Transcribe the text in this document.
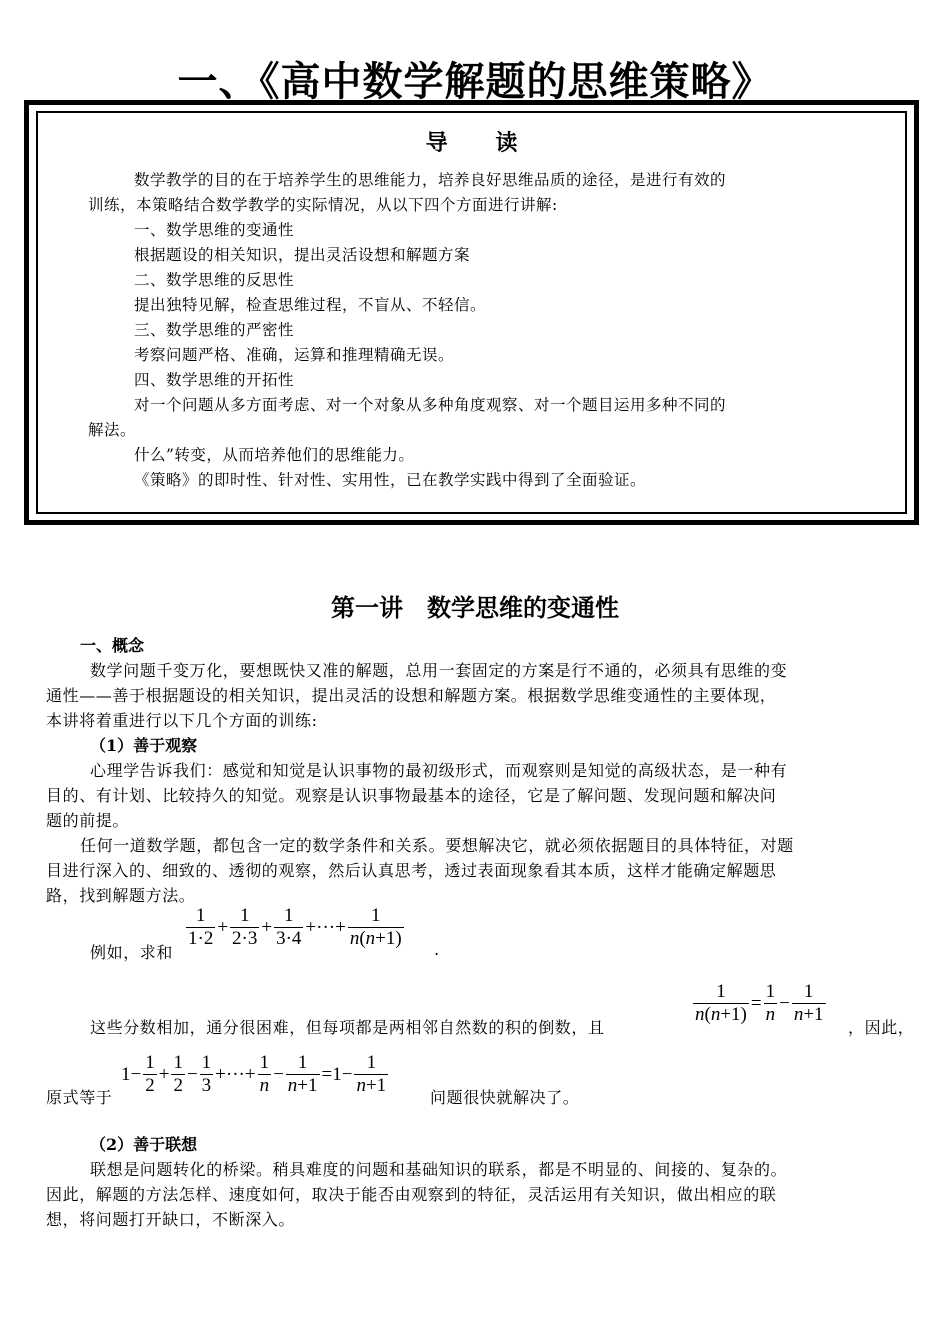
一、《高中数学解题的思维策略》
导 读
数学教学的目的在于培养学生的思维能力，培养良好思维品质的途径，是进行有效的
训练，本策略结合数学教学的实际情况，从以下四个方面进行讲解:
一、数学思维的变通性
根据题设的相关知识，提出灵活设想和解题方案
二、数学思维的反思性
提出独特见解，检查思维过程，不盲从、不轻信。
三、数学思维的严密性
考察问题严格、准确，运算和推理精确无误。
四、数学思维的开拓性
对一个问题从多方面考虑、对一个对象从多种角度观察、对一个题目运用多种不同的
解法。
什么”转变，从而培养他们的思维能力。
《策略》的即时性、针对性、实用性，已在教学实践中得到了全面验证。
第一讲　数学思维的变通性
一、概念
数学问题千变万化，要想既快又准的解题，总用一套固定的方案是行不通的，必须具有思维的变
通性——善于根据题设的相关知识，提出灵活的设想和解题方案。根据数学思维变通性的主要体现，
本讲将着重进行以下几个方面的训练:
（1）善于观察
心理学告诉我们：感觉和知觉是认识事物的最初级形式，而观察则是知觉的高级状态，是一种有
目的、有计划、比较持久的知觉。观察是认识事物最基本的途径，它是了解问题、发现问题和解决问
题的前提。
任何一道数学题，都包含一定的数学条件和关系。要想解决它，就必须依据题目的具体特征，对题
目进行深入的、细致的、透彻的观察，然后认真思考，透过表面现象看其本质，这样才能确定解题思
路，找到解题方法。
例如，求和
$\frac{1}{1\cdot 2} + \frac{1}{2\cdot 3} + \frac{1}{3\cdot 4}$ +···+ $\frac{1}{n(n+1)}$ .
这些分数相加，通分很困难，但每项都是两相邻自然数的积的倒数，且
$\frac{1}{n(n+1)} = \frac{1}{n} - \frac{1}{n+1}$
，因此，
原式等于
$1- \frac{1}{2} + \frac{1}{2} - \frac{1}{3}$ +···+ $\frac{1}{n} - \frac{1}{n+1} =1- \frac{1}{n+1}$	问题很快就解决了。
（2）善于联想
联想是问题转化的桥梁。稍具难度的问题和基础知识的联系，都是不明显的、间接的、复杂的。
因此，解题的方法怎样、速度如何，取决于能否由观察到的特征，灵活运用有关知识，做出相应的联
想，将问题打开缺口，不断深入。
